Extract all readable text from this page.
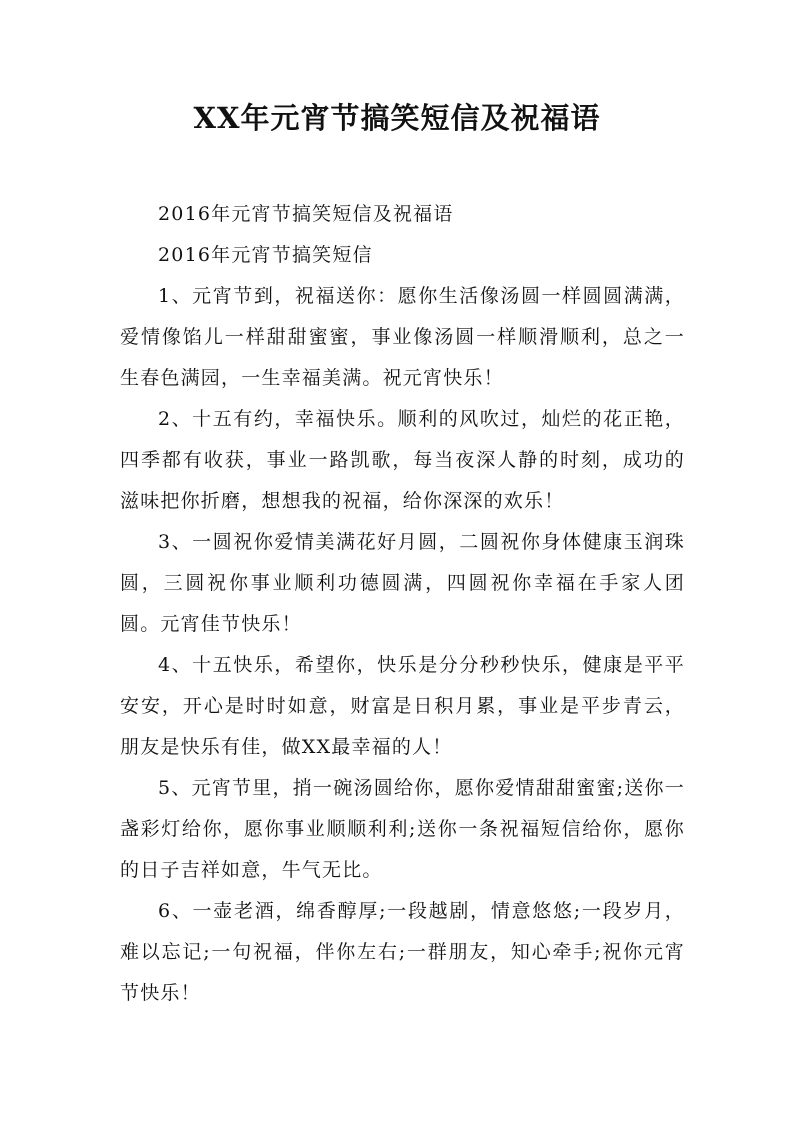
XX年元宵节搞笑短信及祝福语

2016年元宵节搞笑短信及祝福语

2016年元宵节搞笑短信

1、元宵节到，祝福送你：愿你生活像汤圆一样圆圆满满，爱情像馅儿一样甜甜蜜蜜，事业像汤圆一样顺滑顺利，总之一生春色满园，一生幸福美满。祝元宵快乐！

2、十五有约，幸福快乐。顺利的风吹过，灿烂的花正艳，四季都有收获，事业一路凯歌，每当夜深人静的时刻，成功的滋味把你折磨，想想我的祝福，给你深深的欢乐！

3、一圆祝你爱情美满花好月圆，二圆祝你身体健康玉润珠圆，三圆祝你事业顺利功德圆满，四圆祝你幸福在手家人团圆。元宵佳节快乐！

4、十五快乐，希望你，快乐是分分秒秒快乐，健康是平平安安，开心是时时如意，财富是日积月累，事业是平步青云，朋友是快乐有佳，做XX最幸福的人！

5、元宵节里，捎一碗汤圆给你，愿你爱情甜甜蜜蜜;送你一盏彩灯给你，愿你事业顺顺利利;送你一条祝福短信给你，愿你的日子吉祥如意，牛气无比。

6、一壶老酒，绵香醇厚;一段越剧，情意悠悠;一段岁月，难以忘记;一句祝福，伴你左右;一群朋友，知心牵手;祝你元宵节快乐！
